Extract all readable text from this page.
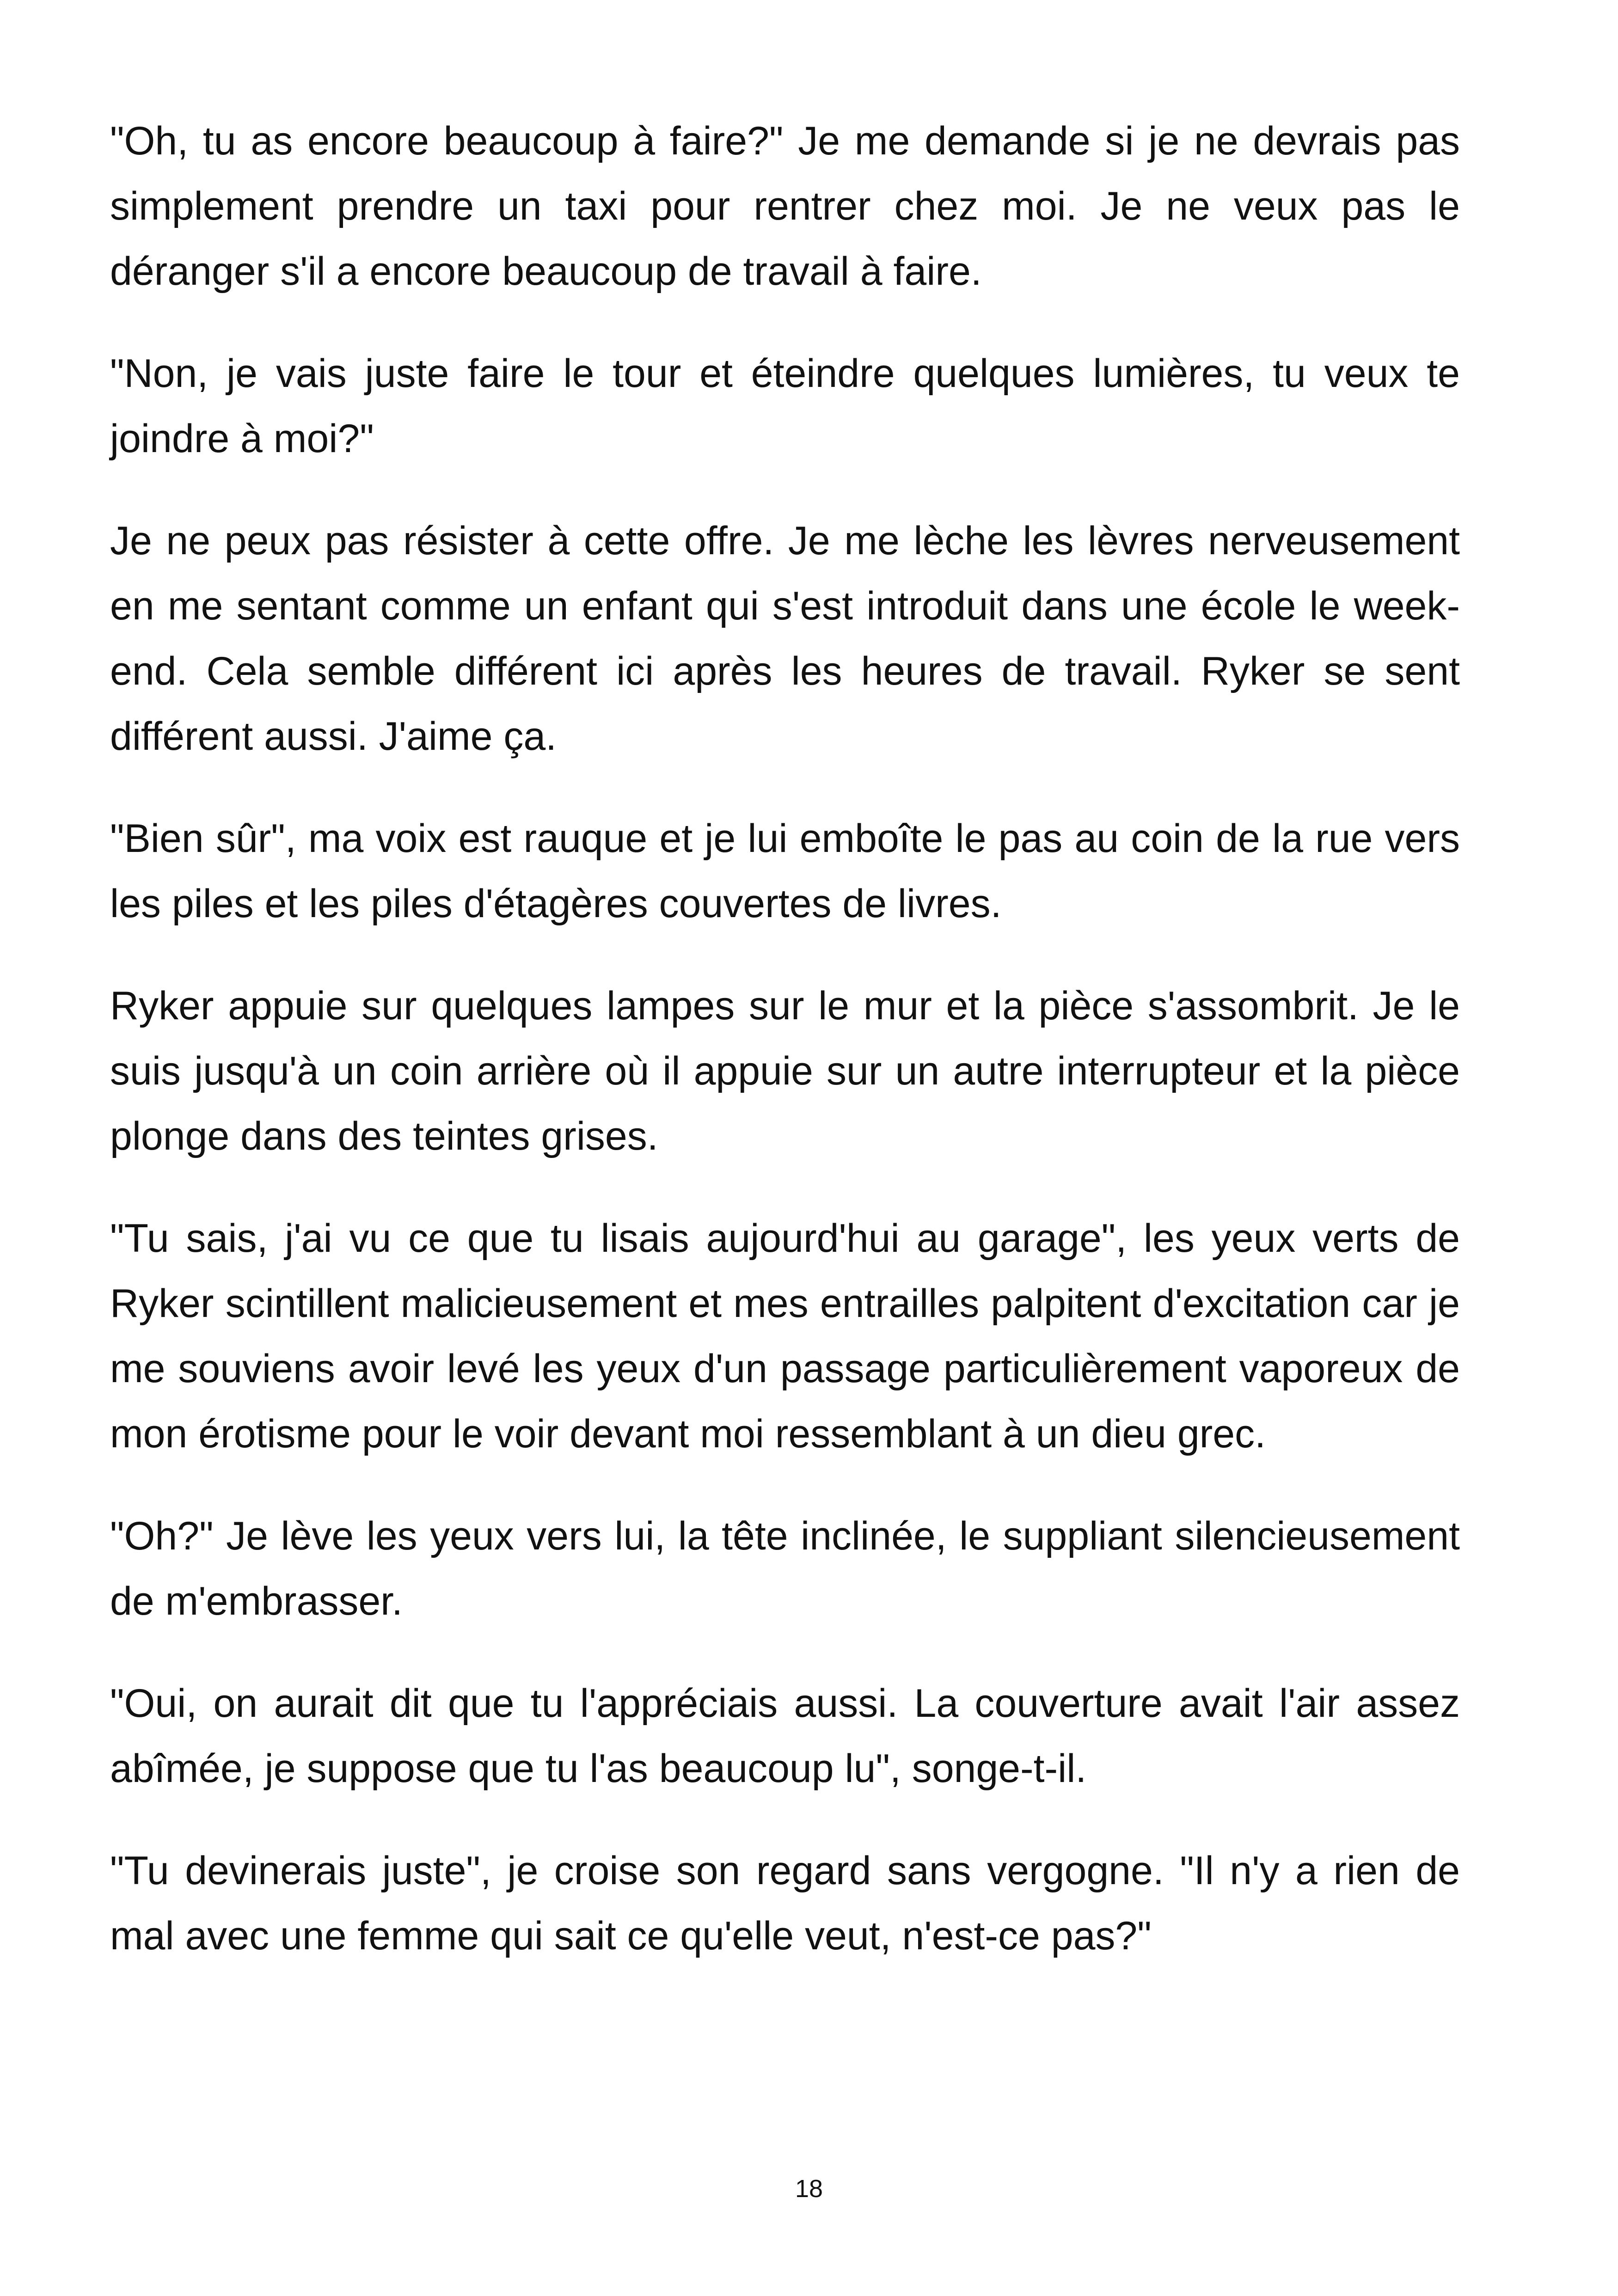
"Oh, tu as encore beaucoup à faire?" Je me demande si je ne devrais pas simplement prendre un taxi pour rentrer chez moi. Je ne veux pas le déranger s'il a encore beaucoup de travail à faire.

"Non, je vais juste faire le tour et éteindre quelques lumières, tu veux te joindre à moi?"

Je ne peux pas résister à cette offre. Je me lèche les lèvres nerveusement en me sentant comme un enfant qui s'est introduit dans une école le week-end. Cela semble différent ici après les heures de travail. Ryker se sent différent aussi. J'aime ça.

"Bien sûr", ma voix est rauque et je lui emboîte le pas au coin de la rue vers les piles et les piles d'étagères couvertes de livres.

Ryker appuie sur quelques lampes sur le mur et la pièce s'assombrit. Je le suis jusqu'à un coin arrière où il appuie sur un autre interrupteur et la pièce plonge dans des teintes grises.

"Tu sais, j'ai vu ce que tu lisais aujourd'hui au garage", les yeux verts de Ryker scintillent malicieusement et mes entrailles palpitent d'excitation car je me souviens avoir levé les yeux d'un passage particulièrement vaporeux de mon érotisme pour le voir devant moi ressemblant à un dieu grec.

"Oh?" Je lève les yeux vers lui, la tête inclinée, le suppliant silencieusement de m'embrasser.

"Oui, on aurait dit que tu l'appréciais aussi. La couverture avait l'air assez abîmée, je suppose que tu l'as beaucoup lu", songe-t-il.

"Tu devinerais juste", je croise son regard sans vergogne. "Il n'y a rien de mal avec une femme qui sait ce qu'elle veut, n'est-ce pas?"

18
